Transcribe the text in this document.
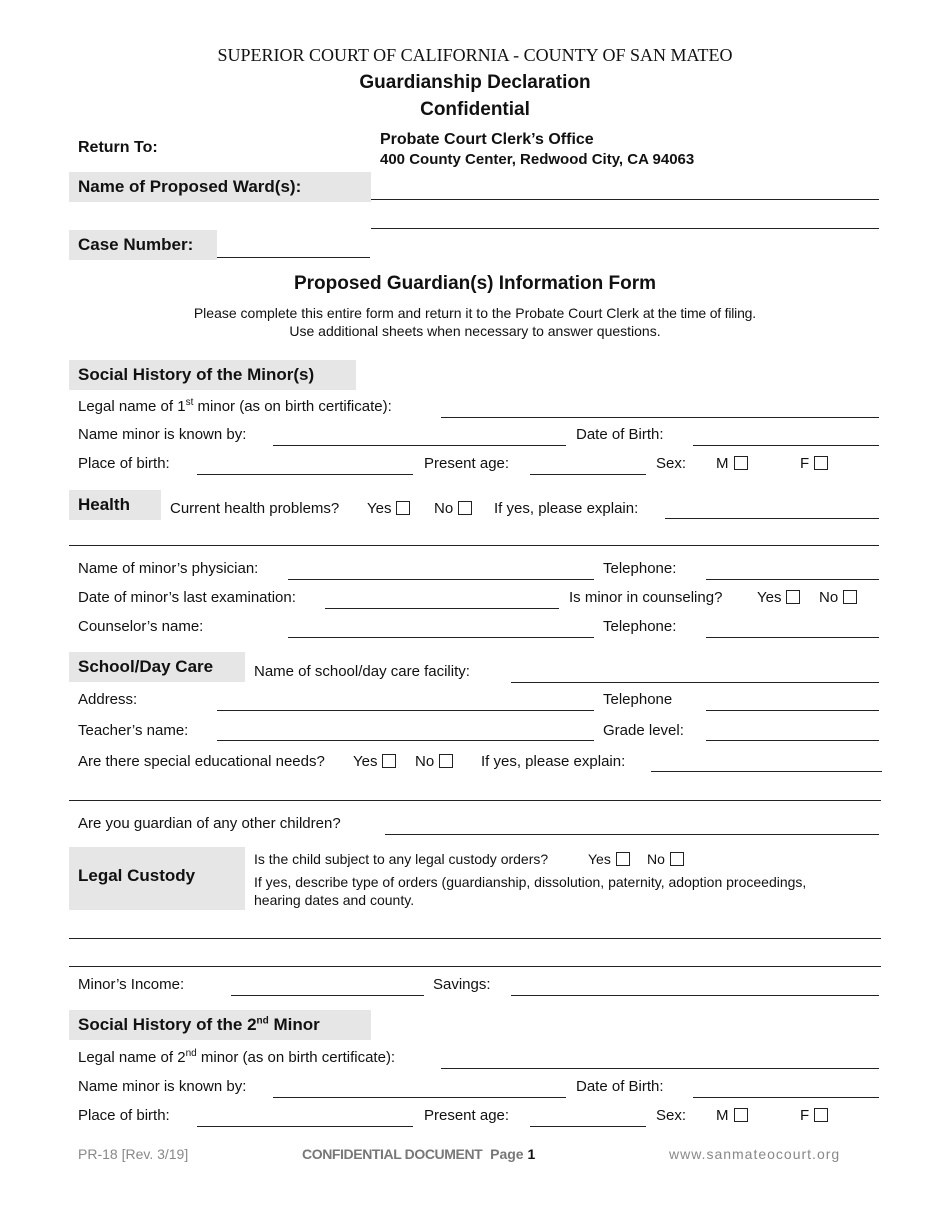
SUPERIOR COURT OF CALIFORNIA - COUNTY OF SAN MATEO
Guardianship Declaration
Confidential
Return To:	Probate Court Clerk’s Office
400 County Center, Redwood City, CA 94063
Name of Proposed Ward(s):
Case Number:
Proposed Guardian(s) Information Form
Please complete this entire form and return it to the Probate Court Clerk at the time of filing.
Use additional sheets when necessary to answer questions.
Social History of the Minor(s)
Legal name of 1st minor (as on birth certificate):
Name minor is known by:	Date of Birth:
Place of birth:	Present age:	Sex: M	F
Health	Current health problems? Yes	No	If yes, please explain:
Name of minor’s physician:	Telephone:
Date of minor’s last examination:	Is minor in counseling? Yes	No
Counselor’s name:	Telephone:
School/Day Care	Name of school/day care facility:
Address:	Telephone
Teacher’s name:	Grade level:
Are there special educational needs? Yes	No	If yes, please explain:
Are you guardian of any other children?
Legal Custody
Is the child subject to any legal custody orders?	Yes	No
If yes, describe type of orders (guardianship, dissolution, paternity, adoption proceedings,
hearing dates and county.
Minor’s Income:	Savings:
Social History of the 2nd Minor
Legal name of 2nd minor (as on birth certificate):
Name minor is known by:	Date of Birth:
Place of birth:	Present age:	Sex: M	F
PR-18 [Rev. 3/19]	CONFIDENTIAL DOCUMENT Page 1	www.sanmateocourt.org
